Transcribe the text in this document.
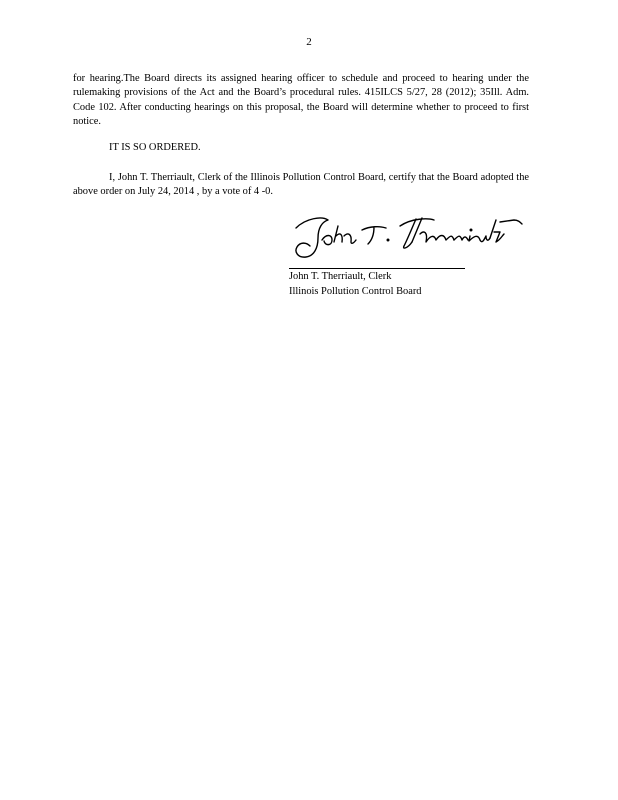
2

for hearing.The Board directs its assigned hearing officer to schedule and proceed to hearing under the rulemaking provisions of the Act and the Board’s procedural rules. 415ILCS 5/27, 28 (2012); 35Ill. Adm. Code 102. After conducting hearings on this proposal, the Board will determine whether to proceed to first notice.

IT IS SO ORDERED.

I, John T. Therriault, Clerk of the Illinois Pollution Control Board, certify that the Board adopted the above order on July 24, 2014 , by a vote of 4 -0.

John T. Therriault, Clerk

Illinois Pollution Control Board
